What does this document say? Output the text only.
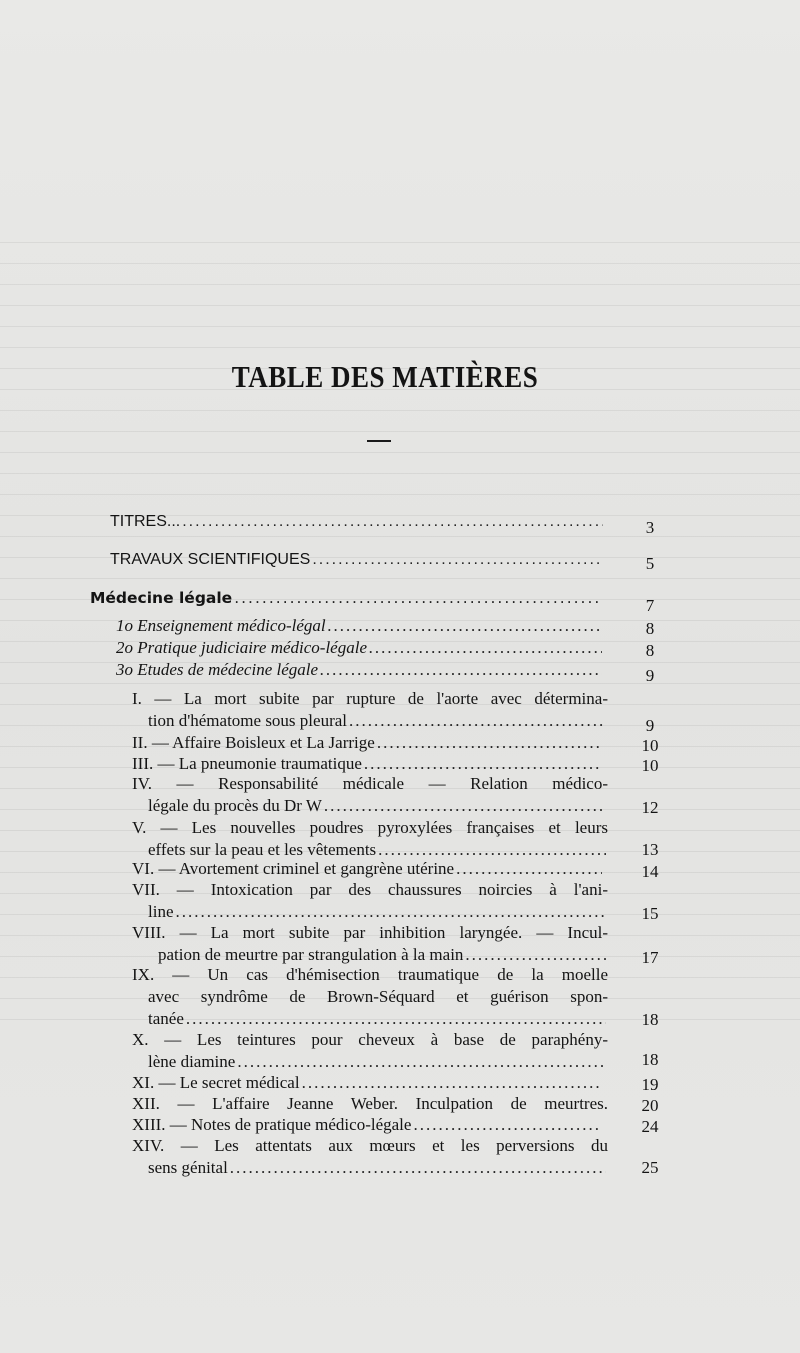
TABLE DES MATIÈRES
TITRES... .....	3
TRAVAUX SCIENTIFIQUES .....	5
Médecine légale .....	7
1o Enseignement médico-légal .....	8
2o Pratique judiciaire médico-légale .....	8
3o Etudes de médecine légale .....	9
I. — La mort subite par rupture de l'aorte avec détermina-
tion d'hématome sous pleural .....	9
II. — Affaire Boisleux et La Jarrige .....	10
III. — La pneumonie traumatique .....	10
IV. — Responsabilité médicale — Relation médico-
légale du procès du Dr W .....	12
V. — Les nouvelles poudres pyroxylées françaises et leurs
effets sur la peau et les vêtements .....	13
VI. — Avortement criminel et gangrène utérine .....	14
VII. — Intoxication par des chaussures noircies à l'ani-
line .....	15
VIII. — La mort subite par inhibition laryngée. — Incul-
pation de meurtre par strangulation à la main .....	17
IX. — Un cas d'hémisection traumatique de la moelle
avec syndrôme de Brown-Séquard et guérison spon-
tanée .....	18
X. — Les teintures pour cheveux à base de paraphény-
lène diamine .....	18
XI. — Le secret médical .....	19
XII. — L'affaire Jeanne Weber. Inculpation de meurtres.	20
XIII. — Notes de pratique médico-légale .....	24
XIV. — Les attentats aux mœurs et les perversions du
sens génital .....	25
